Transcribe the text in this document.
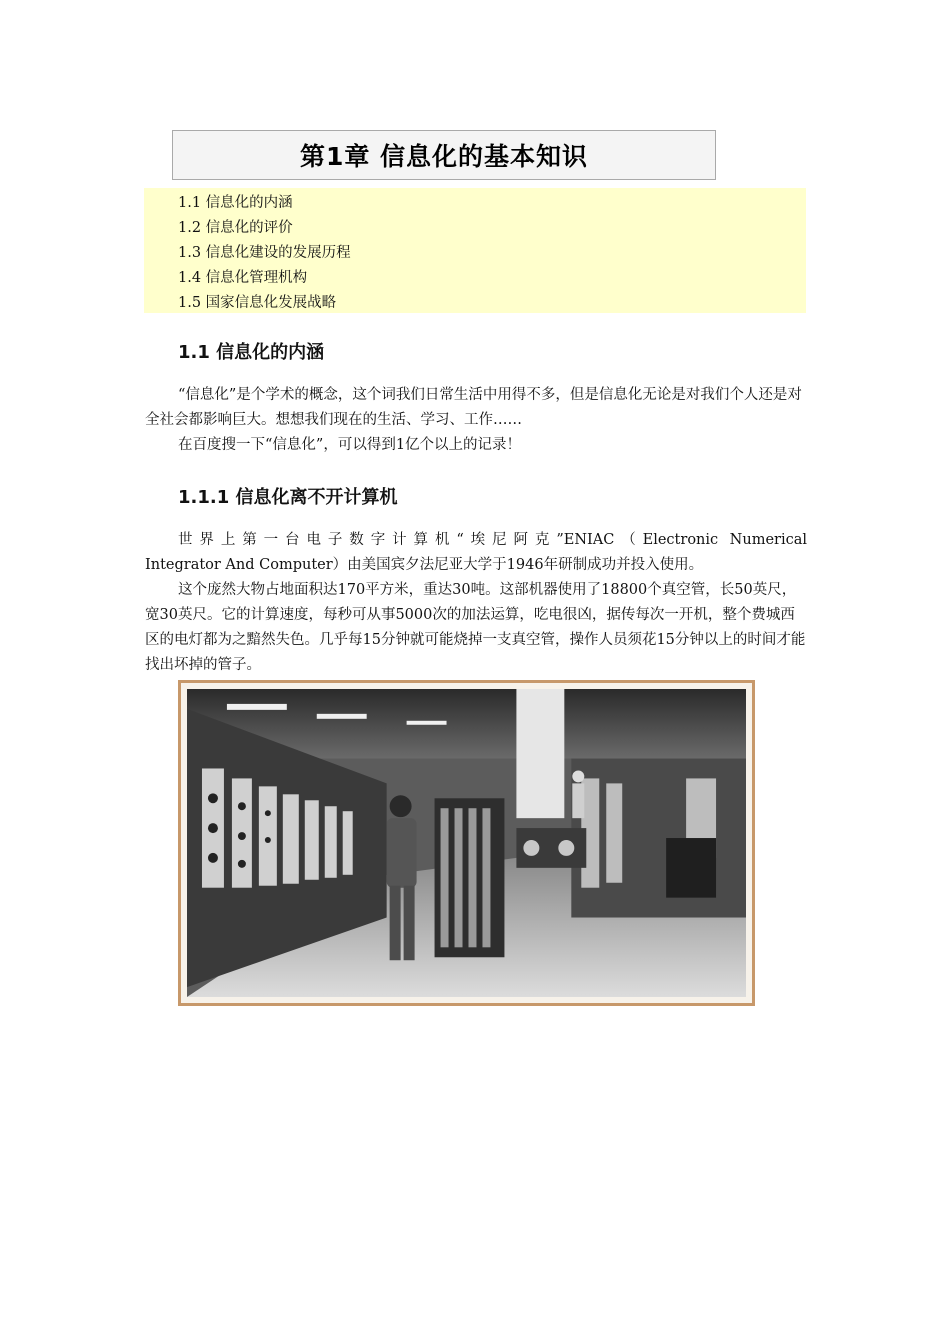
第1章 信息化的基本知识
1.1 信息化的内涵
1.2 信息化的评价
1.3 信息化建设的发展历程
1.4 信息化管理机构
1.5 国家信息化发展战略
1.1 信息化的内涵

“信息化”是个学术的概念，这个词我们日常生活中用得不多，但是信息化无论是对我们个人还是对全社会都影响巨大。想想我们现在的生活、学习、工作……

在百度搜一下“信息化”，可以得到1亿个以上的记录！

1.1.1 信息化离不开计算机
世界上第一台电子数字计算机“埃尼阿克”ENIAC（Electronic Numerical
Integrator And Computer）由美国宾夕法尼亚大学于1946年研制成功并投入使用。

这个庞然大物占地面积达170平方米，重达30吨。这部机器使用了18800个真空管，长50英尺，宽30英尺。它的计算速度，每秒可从事5000次的加法运算，吃电很凶，据传每次一开机，整个费城西区的电灯都为之黯然失色。几乎每15分钟就可能烧掉一支真空管，操作人员须花15分钟以上的时间才能找出坏掉的管子。
